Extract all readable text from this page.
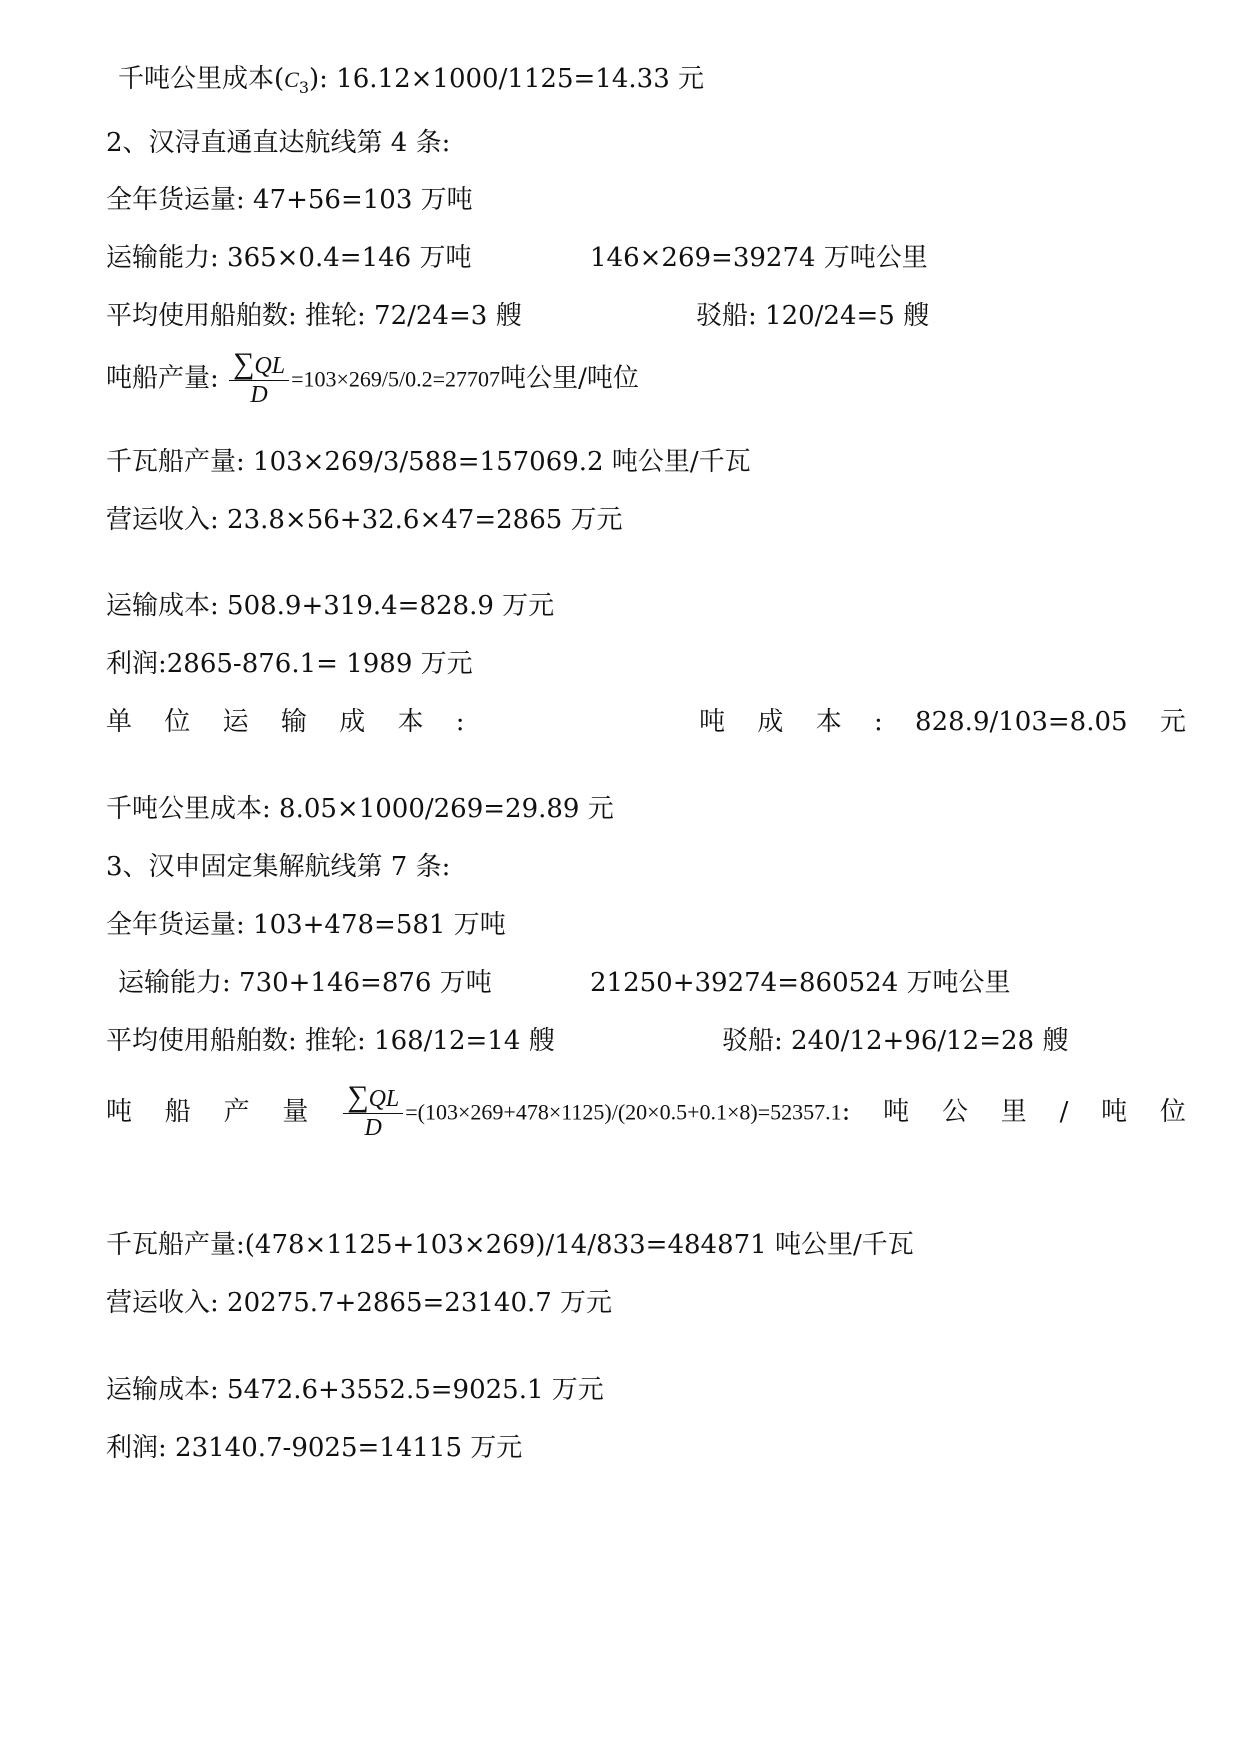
千吨公里成本$(C_3)$: 16.12×1000/1125=14.33 元
2、汉浔直通直达航线第 4 条:
全年货运量: 47+56=103 万吨
运输能力: 365×0.4=146 万吨	146×269=39274 万吨公里
平均使用船舶数: 推轮: 72/24=3 艘	驳船: 120/24=5 艘
吨船产量: $\frac{\sum QL}{D} =103\times 269/5/0.2=27707$吨公里/吨位
千瓦船产量: 103×269/3/588=157069.2 吨公里/千瓦
营运收入: 23.8×56+32.6×47=2865 万元
运输成本: 508.9+319.4=828.9 万元
利润:2865-876.1= 1989 万元
单 位 运 输 成 本 :	吨 成 本 : 828.9/103=8.05 元
千吨公里成本: 8.05×1000/269=29.89 元
3、汉申固定集解航线第 7 条:
全年货运量: 103+478=581 万吨
运输能力: 730+146=876 万吨	21250+39274=860524 万吨公里
平均使用船舶数: 推轮: 168/12=14 艘	驳船: 240/12+96/12=28 艘
吨 船 产 量 $\frac{\sum QL}{D} =(103\times 269+478\times 1125)/(20\times 0.5+0.1\times 8)=52357.1$: 吨 公 里 / 吨 位
千瓦船产量:(478×1125+103×269)/14/833=484871 吨公里/千瓦
营运收入: 20275.7+2865=23140.7 万元
运输成本: 5472.6+3552.5=9025.1 万元
利润: 23140.7-9025=14115 万元
